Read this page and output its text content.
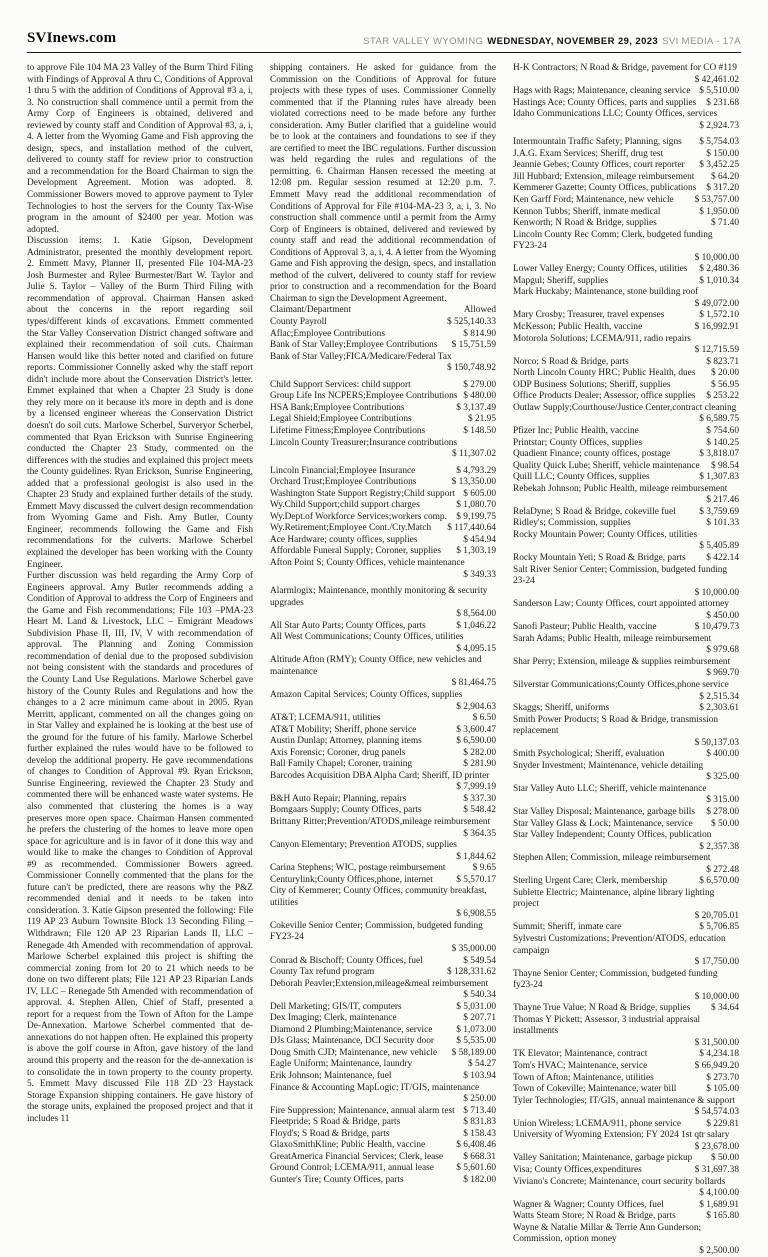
SVInews.com	STAR VALLEY WYOMING WEDNESDAY, NOVEMBER 29, 2023 SVI MEDIA - 17A

to approve File 104 MA 23 Valley of the Burm Third Filing with Findings of Approval A thru C, Conditions of Approval 1 thru 5 with the addition of Conditions of Approval #3 a, i, 3. No construction shall commence until a permit from the Army Corp of Engineers is obtained, delivered and reviewed by county staff and Condition of Approval #3, a, i, 4. A letter from the Wyoming Game and Fish approving the design, specs, and installation method of the culvert, delivered to county staff for review prior to construction and a recommendation for the Board Chairman to sign the Development Agreement. Motion was adopted. 8. Commissioner Bowers moved to approve payment to Tyler Technologies to host the servers for the County Tax-Wise program in the amount of $2400 per year. Motion was adopted.

Discussion items: 1. Katie Gipson, Development Administrator, presented the monthly development report. 2. Emmett Mavy, Planner II, presented File 104-MA-23 Josh Burmester and Rylee Burmester/Bart W. Taylor and Julie S. Taylor – Valley of the Burm Third Filing with recommendation of approval. Chairman Hansen asked about the concerns in the report regarding soil types/different kinds of excavations. Emmett commented the Star Valley Conservation District changed software and explained their recommendation of soil cuts. Chairman Hansen would like this better noted and clarified on future reports. Commissioner Connelly asked why the staff report didn't include more about the Conservation District's letter. Emmet explained that when a Chapter 23 Study is done they rely more on it because it's more in depth and is done by a licensed engineer whereas the Conservation District doesn't do soil cuts. Marlowe Scherbel, Surveryor Scherbel, commented that Ryan Erickson with Sunrise Engineering conducted the Chapter 23 Study, commented on the differences with the studies and explained this project meets the County guidelines. Ryan Erickson, Sunrise Engineering, added that a professional geologist is also used in the Chapter 23 Study and explained further details of the study. Emmett Mavy discussed the culvert design recommendation from Wyoming Game and Fish. Amy Butler, County Engineer, recommends following the Game and Fish recommendations for the culverts. Marlowe Scherbel explained the developer has been working with the County Engineer.

Further discussion was held regarding the Army Corp of Engineers approval. Amy Butler recommends adding a Condition of Approval to address the Corp of Engineers and the Game and Fish recommendations; File 103 –PMA-23 Heart M. Land & Livestock, LLC – Emigrant Meadows Subdivision Phase II, III, IV, V with recommendation of approval. The Planning and Zoning Commission recommendation of denial due to the proposed subdivision not being consistent with the standards and procedures of the County Land Use Regulations. Marlowe Scherbel gave history of the County Rules and Regulations and how the changes to a 2 acre minimum came about in 2005. Ryan Merritt, applicant, commented on all the changes going on in Star Valley and explained he is looking at the best use of the ground for the future of his family. Marlowe Scherbel further explained the rules would have to be followed to develop the additional property. He gave recommendations of changes to Condition of Approval #9. Ryan Erickson, Sunrise Engineering, reviewed the Chapter 23 Study and commented there will be enhanced waste water systems. He also commented that clustering the homes is a way preserves more open space. Chairman Hansen commented he prefers the clustering of the homes to leave more open space for agriculture and is in favor of it done this way and would like to make the changes to Condition of Approval #9 as recommended. Commissioner Bowers agreed. Commissioner Connelly commented that the plans for the future can't be predicted, there are reasons why the P&Z recommended denial and it needs to be taken into consideration. 3. Katie Gipson presented the following: File 119 AP 23 Auburn Townsite Block 13 Seconding Filing – Withdrawn; File 120 AP 23 Riparian Lands II, LLC – Renegade 4th Amended with recommendation of approval. Marlowe Scherbel explained this project is shifting the commercial zoning from lot 20 to 21 which needs to be done on two different plats; File 121 AP 23 Riparian Lands IV, LLC – Renegade 5th Amended with recommendation of approval. 4. Stephen Allen, Chief of Staff, presented a report for a request from the Town of Afton for the Lampe De-Annexation. Marlowe Scherbel commented that de-annexations do not happen often. He explained this property is above the golf course in Afton, gave history of the land around this property and the reason for the de-annexation is to consolidate the in town property to the county property. 5. Emmett Mavy discussed File 118 ZD 23 Haystack Storage Expansion shipping containers. He gave history of the storage units, explained the proposed project and that it includes 11

shipping containers. He asked for guidance from the Commission on the Conditions of Approval for future projects with these types of uses. Commissioner Connelly commented that if the Planning rules have already been violated corrections need to be made before any further consideration. Amy Butler clarified that a guideline would be to look at the containers and foundations to see if they are certified to meet the IBC regulations. Further discussion was held regarding the rules and regulations of the permitting. 6. Chairman Hansen recessed the meeting at 12:08 pm. Regular session resumed at 12:20 p.m. 7. Emmett Mavy read the additional recommendation of Conditions of Approval for File #104-MA-23 3, a, i, 3. No construction shall commence until a permit from the Army Corp of Engineers is obtained, delivered and reviewed by county staff and read the additional recommendation of Conditions of Approval 3, a, i, 4. A letter from the Wyoming Game and Fish approving the design, specs, and installation method of the culvert, delivered to county staff for review prior to construction and a recommendation for the Board Chairman to sign the Development Agreement.

Claimant/Department	Allowed
County Payroll	$ 525,140.33
Aflac;Employee Contributions	$ 814.90
Bank of Star Valley;Employee Contributions	$ 15,751.59
Bank of Star Valley;FICA/Medicare/Federal Tax
$ 150,748.92
Child Support Services: child support	$ 279.00
Group Life Ins NCPERS;Employee Contributions $ 480.00
HSA Bank;Employee Contributions	$ 3,137.49
Legal Shield;Employee Contributions	$ 21.95
Lifetime Fitness;Employee Contributions	$ 148.50
Lincoln County Treasurer;Insurance contributions
$ 11,307.02
Lincoln Financial;Employee Insurance	$ 4,793.29
Orchard Trust;Employee Contributions	$ 13,350.00
Washington State Support Registry;Child support $ 605.00
Wy.Child Support;child support charges	$ 1,080.70
Wy.Dept.of Workforce Services;workers comp. $ 9,199.75
Wy.Retirement;Employee Cont./Cty.Match	$ 117,440.64
Ace Hardware; county offices, supplies	$ 454.94
Affordable Funeral Supply; Coroner, supplies	$ 1,303.19
Afton Point S; County Offices, vehicle maintenance
$ 349.33
Alarmlogix; Maintenance, monthly monitoring & security upgrades
$ 8,564.00
All Star Auto Parts; County Offices, parts	$ 1,046.22
All West Communications; County Offices, utilities
$ 4,095.15
Altitude Afton (RMY); County Office, new vehicles and maintenance
$ 81,464.75
Amazon Capital Services; County Offices, supplies
$ 2,904.63
AT&T; LCEMA/911, utilities	$ 6.50
AT&T Mobility; Sheriff, phone service	$ 3,600.47
Austin Dunlap; Attorney, planning items	$ 6,590.00
Axis Forensic; Coroner, drug panels	$ 282.00
Ball Family Chapel; Coroner, training	$ 281.90
Barcodes Acquisition DBA Alpha Card; Sheriff, ID printer
$ 7,999.19
B&H Auto Repair; Planning, repairs	$ 337.30
Bomgaars Supply; County Offices, parts	$ 548.42
Brittany Ritter;Prevention/ATODS,mileage reimbursement
$ 364.35
Canyon Elementary; Prevention ATODS, supplies
$ 1,844.62
Carina Stephens; WIC, postage reimbursement	$ 9.65
Centurylink;County Offices,phone, internet	$ 5,570.17
City of Kemmerer; County Offices, community breakfast, utilities
$ 6,908.55
Cokeville Senior Center; Commission, budgeted funding FY23-24
$ 35,000.00
Conrad & Bischoff; County Offices, fuel	$ 549.54
County Tax refund program	$ 128,331.62
Deborah Peavler;Extension,mileage&meal reimbursement
$ 540.34
Dell Marketing; GIS/IT, computers	$ 5,031.00
Dex Imaging; Clerk, maintenance	$ 207.71
Diamond 2 Plumbing;Maintenance, service	$ 1,073.00
DJs Glass; Maintenance, DCI Security door	$ 5,535.00
Doug Smith CJD; Maintenance, new vehicle	$ 58,189.00
Eagle Uniform; Maintenance, laundry	$ 54.27
Erik Johnson; Maintenance, fuel	$ 103.94
Finance & Accounting MapLogic; IT/GIS, maintenance
$ 250.00
Fire Suppression; Maintenance, annual alarm test $ 713.40
Fleetpride; S Road & Bridge, parts	$ 831.83
Floyd's; S Road & Bridge, parts	$ 158.43
GlaxoSmithKline; Public Health, vaccine	$ 6,408.46
GreatAmerica Financial Services; Clerk, lease	$ 668.31
Ground Control; LCEMA/911, annual lease	$ 5,601.60
Gunter's Tire; County Offices, parts	$ 182.00
H-K Contractors; N Road & Bridge, pavement for CO #119
$ 42,461.02
Hags with Rags; Maintenance, cleaning service $ 5,510.00
Hastings Ace; County Offices, parts and supplies	$ 231.68
Idaho Communications LLC; County Offices, services
$ 2,924.73
Intermountain Traffic Safety; Planning, signs	$ 5,754.03
J.A.G. Exam Services; Sheriff, drug test	$ 150.00
Jeannie Gebes; County Offices, court reporter	$ 3,452.25
Jill Hubbard; Extension, mileage reimbursement	$ 64.20
Kemmerer Gazette; County Offices, publications	$ 317.20
Ken Garff Ford; Maintenance, new vehicle	$ 53,757.00
Kennon Tubbs; Sheriff, inmate medical	$ 1,950.00
Kenworth; N Road & Bridge, supplies	$ 71.40
Lincoln County Rec Comm; Clerk, budgeted funding FY23-24
$ 10,000.00
Lower Valley Energy; County Offices, utilities	$ 2,480.36
Mapgul; Sheriff, supplies	$ 1,010.34
Mark Huckaby; Maintenance, stone building roof
$ 49,072.00
Mary Crosby; Treasurer, travel expenses	$ 1,572.10
McKesson; Public Health, vaccine	$ 16,992.91
Motorola Solutions; LCEMA/911, radio repairs
$ 12,715.59
Norco; S Road & Bridge, parts	$ 823.71
North Lincoln County HRC; Public Health, dues	$ 20.00
ODP Business Solutions; Sheriff, supplies	$ 56.95
Office Products Dealer; Assessor, office supplies	$ 253.22
Outlaw Supply;Courthouse/Justice Center,contract cleaning
$ 6,589.75
Pfizer Inc; Public Health, vaccine	$ 754.60
Printstar; County Offices, supplies	$ 140.25
Quadient Finance; county offices, postage	$ 3,818.07
Quality Quick Lube; Sheriff, vehicle maintenance	$ 98.54
Quill LLC; County Offices, supplies	$ 1,307.83
Rebekah Johnson; Public Health, mileage reimbursement
$ 217.46
RelaDyne; S Road & Bridge, cokeville fuel	$ 3,759.69
Ridley's; Commission, supplies	$ 101.33
Rocky Mountain Power; County Offices, utilities
$ 5,405.89
Rocky Mountain Yeti; S Road & Bridge, parts	$ 422.14
Salt River Senior Center; Commission, budgeted funding 23-24
$ 10,000.00
Sanderson Law; County Offices, court appointed attorney
$ 450.00
Sanofi Pasteur; Public Health, vaccine	$ 10,479.73
Sarah Adams; Public Health, mileage reimbursement
$ 979.68
Shar Perry; Extension, mileage & supplies reimbursement
$ 969.70
Silverstar Communications;County Offices,phone service
$ 2,515.34
Skaggs; Sheriff, uniforms	$ 2,303.61
Smith Power Products; S Road & Bridge, transmission replacement
$ 50,137.03
Smith Psychological; Sheriff, evaluation	$ 400.00
Snyder Investment; Maintenance, vehicle detailing
$ 325.00
Star Valley Auto LLC; Sheriff, vehicle maintenance
$ 315.00
Star Valley Disposal; Maintenance, garbage bills	$ 278.00
Star Valley Glass & Lock; Maintenance, service	$ 50.00
Star Valley Independent; County Offices, publication
$ 2,357.38
Stephen Allen; Commission, mileage reimbursement
$ 272.48
Sterling Urgent Care; Clerk, membership	$ 6,570.00
Sublette Electric; Maintenance, alpine library lighting project
$ 20,705.01
Summit; Sheriff, inmate care	$ 5,706.85
Sylvestri Customizations; Prevention/ATODS, education campaign
$ 17,750.00
Thayne Senior Center; Commission, budgeted funding fy23-24
$ 10,000.00
Thayne True Value; N Road & Bridge, supplies	$ 34.64
Thomas Y Pickett; Assessor, 3 industrial appraisal installments
$ 31,500.00
TK Elevator; Maintenance, contract	$ 4,234.18
Tom's HVAC; Maintenance, service	$ 66,949.20
Town of Afton; Maintenance, utilities	$ 273.70
Town of Cokeville; Maintenance, water bill	$ 105.00
Tyler Technologies; IT/GIS, annual maintenance & support
$ 54,574.03
Union Wireless; LCEMA/911, phone service	$ 229.81
University of Wyoming Extension; FY 2024 1st qtr salary
$ 23,678.00
Valley Sanitation; Maintenance, garbage pickup	$ 50.00
Visa; County Offices,expenditures	$ 31,697.38
Viviano's Concrete; Maintenance, court security bollards
$ 4,100.00
Wagner & Wagner; County Offices, fuel	$ 1,689.91
Watts Steam Store; N Road & Bridge, parts	$ 165.80
Wayne & Natalie Millar & Terrie Ann Gunderson; Commission, option money
$ 2,500.00
